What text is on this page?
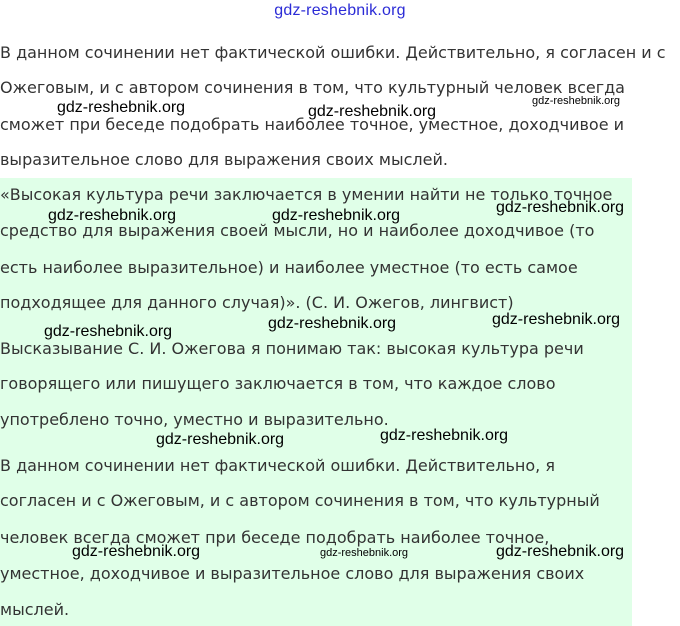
gdz-reshebnik.org
В данном сочинении нет фактической ошибки. Действительно, я согласен и с
Ожеговым, и с автором сочинения в том, что культурный человек всегда
сможет при беседе подобрать наиболее точное, уместное, доходчивое и
выразительное слово для выражения своих мыслей.
«Высокая культура речи заключается в умении найти не только точное
средство для выражения своей мысли, но и наиболее доходчивое (то
есть наиболее выразительное) и наиболее уместное (то есть самое
подходящее для данного случая)». (С. И. Ожегов, лингвист)
Высказывание С. И. Ожегова я понимаю так: высокая культура речи
говорящего или пишущего заключается в том, что каждое слово
употреблено точно, уместно и выразительно.
В данном сочинении нет фактической ошибки. Действительно, я
согласен и с Ожеговым, и с автором сочинения в том, что культурный
человек всегда сможет при беседе подобрать наиболее точное,
уместное, доходчивое и выразительное слово для выражения своих
мыслей.
gdz-reshebnik.org	gdz-reshebnik.org
gdz-reshebnik.org
gdz-reshebnik.org	gdz-reshebnik.org	gdz-reshebnik.org
gdz-reshebnik.org	gdz-reshebnik.org	gdz-reshebnik.org
gdz-reshebnik.org	gdz-reshebnik.org
gdz-reshebnik.org	gdz-reshebnik.org	gdz-reshebnik.org
